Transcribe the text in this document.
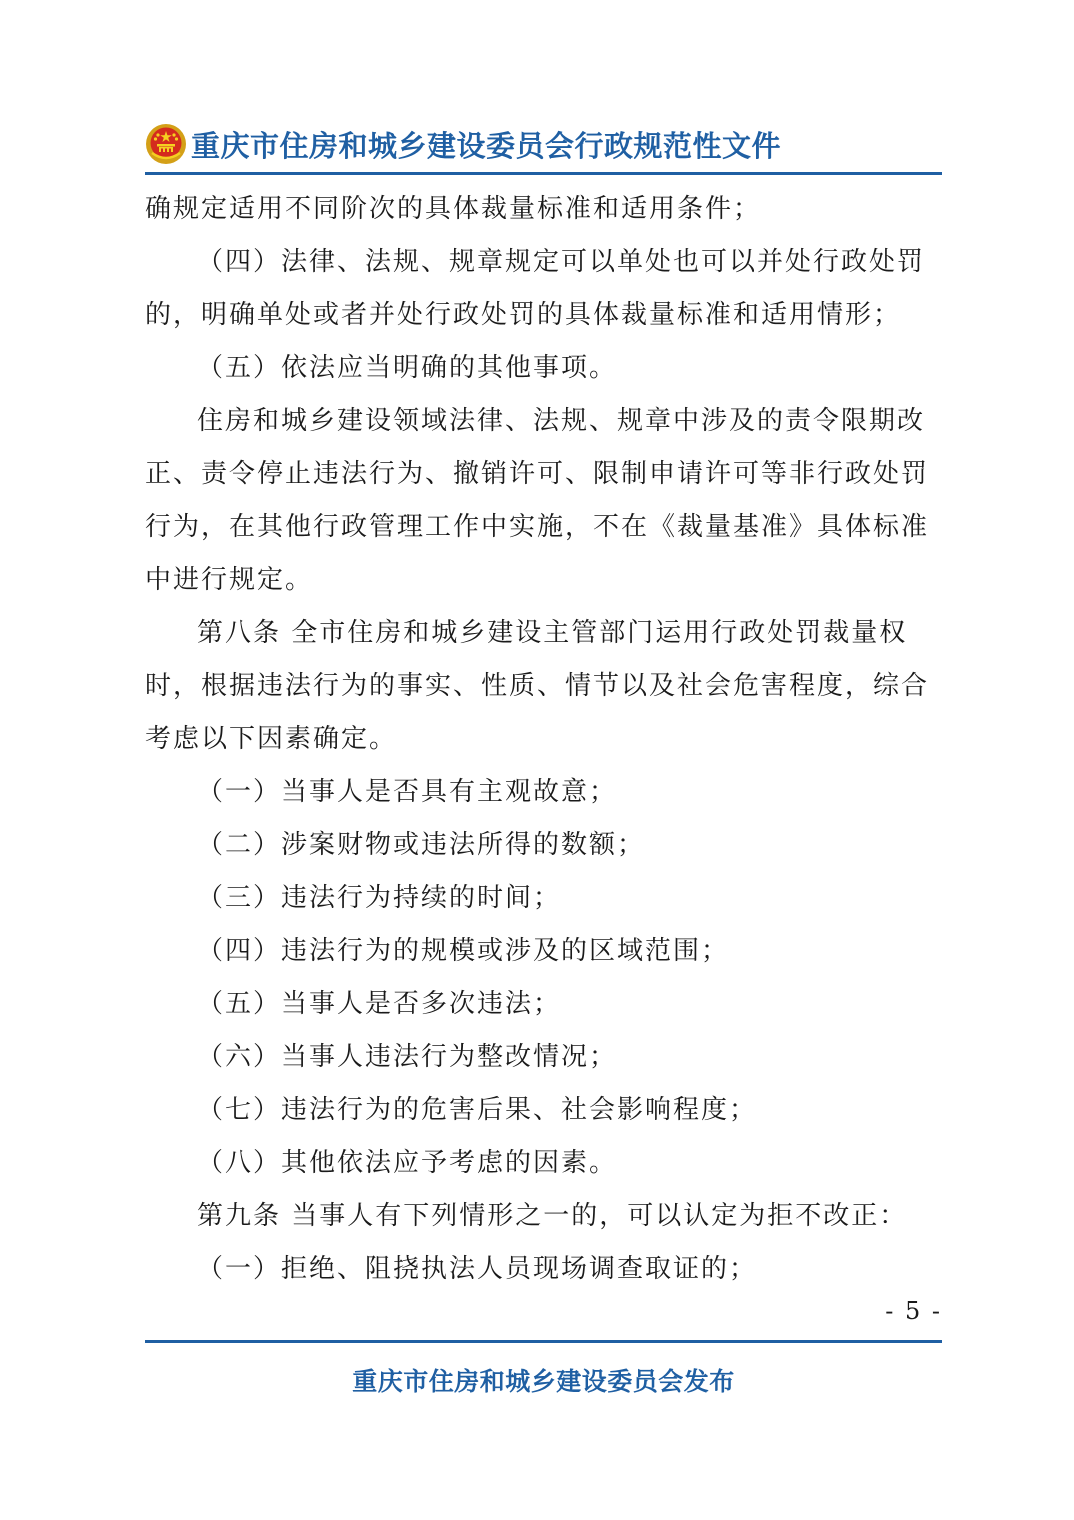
重庆市住房和城乡建设委员会行政规范性文件
确规定适用不同阶次的具体裁量标准和适用条件；
（四）法律、法规、规章规定可以单处也可以并处行政处罚
的，明确单处或者并处行政处罚的具体裁量标准和适用情形；
（五）依法应当明确的其他事项。
住房和城乡建设领域法律、法规、规章中涉及的责令限期改
正、责令停止违法行为、撤销许可、限制申请许可等非行政处罚
行为，在其他行政管理工作中实施，不在《裁量基准》具体标准
中进行规定。
第八条 全市住房和城乡建设主管部门运用行政处罚裁量权
时，根据违法行为的事实、性质、情节以及社会危害程度，综合
考虑以下因素确定。
（一）当事人是否具有主观故意；
（二）涉案财物或违法所得的数额；
（三）违法行为持续的时间；
（四）违法行为的规模或涉及的区域范围；
（五）当事人是否多次违法；
（六）当事人违法行为整改情况；
（七）违法行为的危害后果、社会影响程度；
（八）其他依法应予考虑的因素。
第九条 当事人有下列情形之一的，可以认定为拒不改正：
（一）拒绝、阻挠执法人员现场调查取证的；
- 5 -
重庆市住房和城乡建设委员会发布
